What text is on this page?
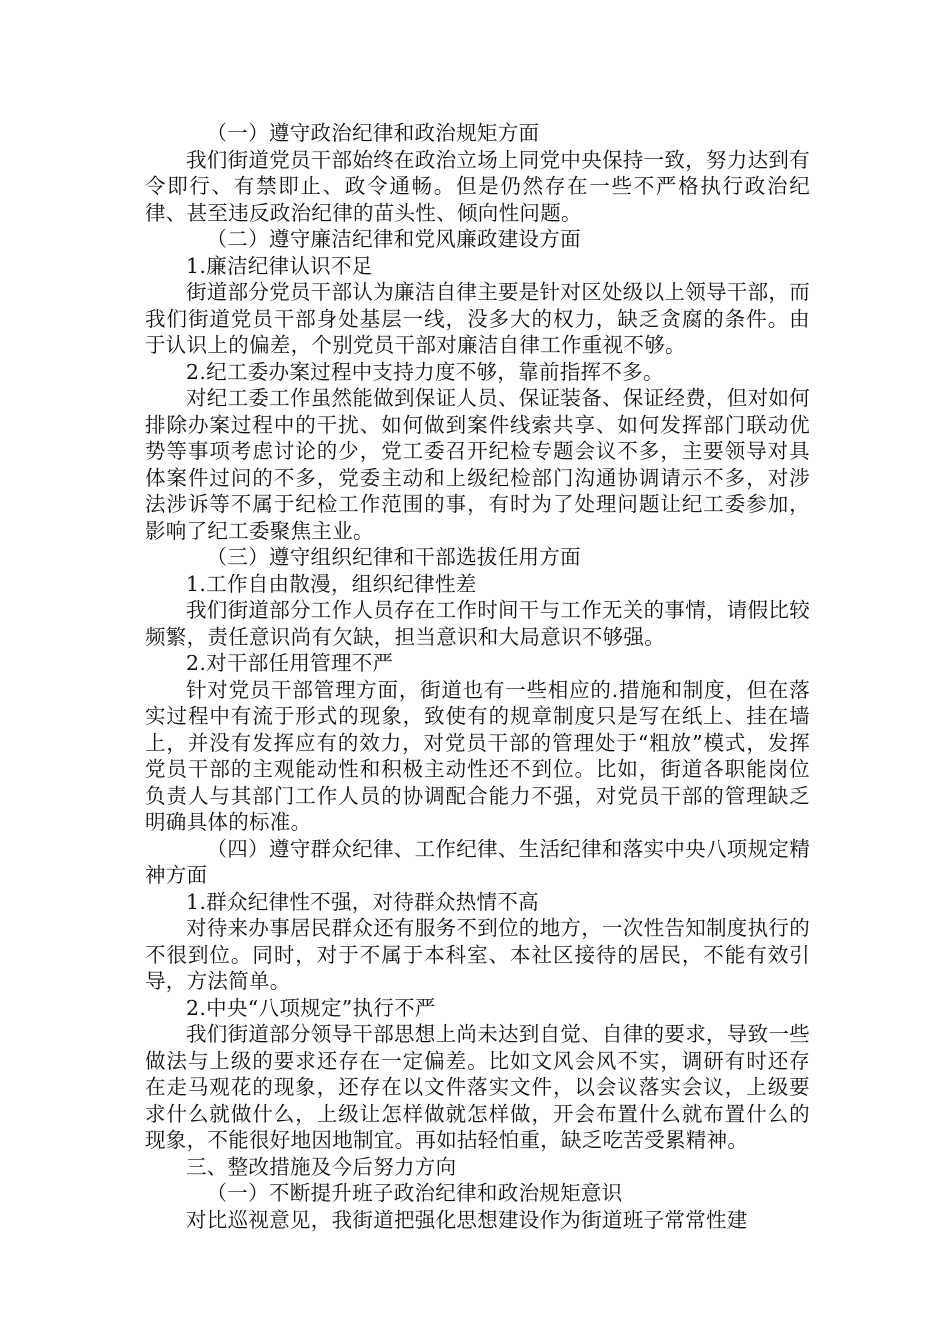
（一）遵守政治纪律和政治规矩方面

我们街道党员干部始终在政治立场上同党中央保持一致，努力达到有令即行、有禁即止、政令通畅。但是仍然存在一些不严格执行政治纪律、甚至违反政治纪律的苗头性、倾向性问题。

（二）遵守廉洁纪律和党风廉政建设方面

1.廉洁纪律认识不足

街道部分党员干部认为廉洁自律主要是针对区处级以上领导干部，而我们街道党员干部身处基层一线，没多大的权力，缺乏贪腐的条件。由于认识上的偏差，个别党员干部对廉洁自律工作重视不够。

2.纪工委办案过程中支持力度不够，靠前指挥不多。

对纪工委工作虽然能做到保证人员、保证装备、保证经费，但对如何排除办案过程中的干扰、如何做到案件线索共享、如何发挥部门联动优势等事项考虑讨论的少，党工委召开纪检专题会议不多，主要领导对具体案件过问的不多，党委主动和上级纪检部门沟通协调请示不多，对涉法涉诉等不属于纪检工作范围的事，有时为了处理问题让纪工委参加，影响了纪工委聚焦主业。

（三）遵守组织纪律和干部选拔任用方面

1.工作自由散漫，组织纪律性差

我们街道部分工作人员存在工作时间干与工作无关的事情，请假比较频繁，责任意识尚有欠缺，担当意识和大局意识不够强。

2.对干部任用管理不严

针对党员干部管理方面，街道也有一些相应的.措施和制度，但在落实过程中有流于形式的现象，致使有的规章制度只是写在纸上、挂在墙上，并没有发挥应有的效力，对党员干部的管理处于“粗放”模式，发挥党员干部的主观能动性和积极主动性还不到位。比如，街道各职能岗位负责人与其部门工作人员的协调配合能力不强，对党员干部的管理缺乏明确具体的标准。

（四）遵守群众纪律、工作纪律、生活纪律和落实中央八项规定精神方面

1.群众纪律性不强，对待群众热情不高

对待来办事居民群众还有服务不到位的地方，一次性告知制度执行的不很到位。同时，对于不属于本科室、本社区接待的居民，不能有效引导，方法简单。

2.中央“八项规定”执行不严

我们街道部分领导干部思想上尚未达到自觉、自律的要求，导致一些做法与上级的要求还存在一定偏差。比如文风会风不实，调研有时还存在走马观花的现象，还存在以文件落实文件，以会议落实会议，上级要求什么就做什么，上级让怎样做就怎样做，开会布置什么就布置什么的现象，不能很好地因地制宜。再如拈轻怕重，缺乏吃苦受累精神。

三、整改措施及今后努力方向

（一）不断提升班子政治纪律和政治规矩意识

对比巡视意见，我街道把强化思想建设作为街道班子常常性建
